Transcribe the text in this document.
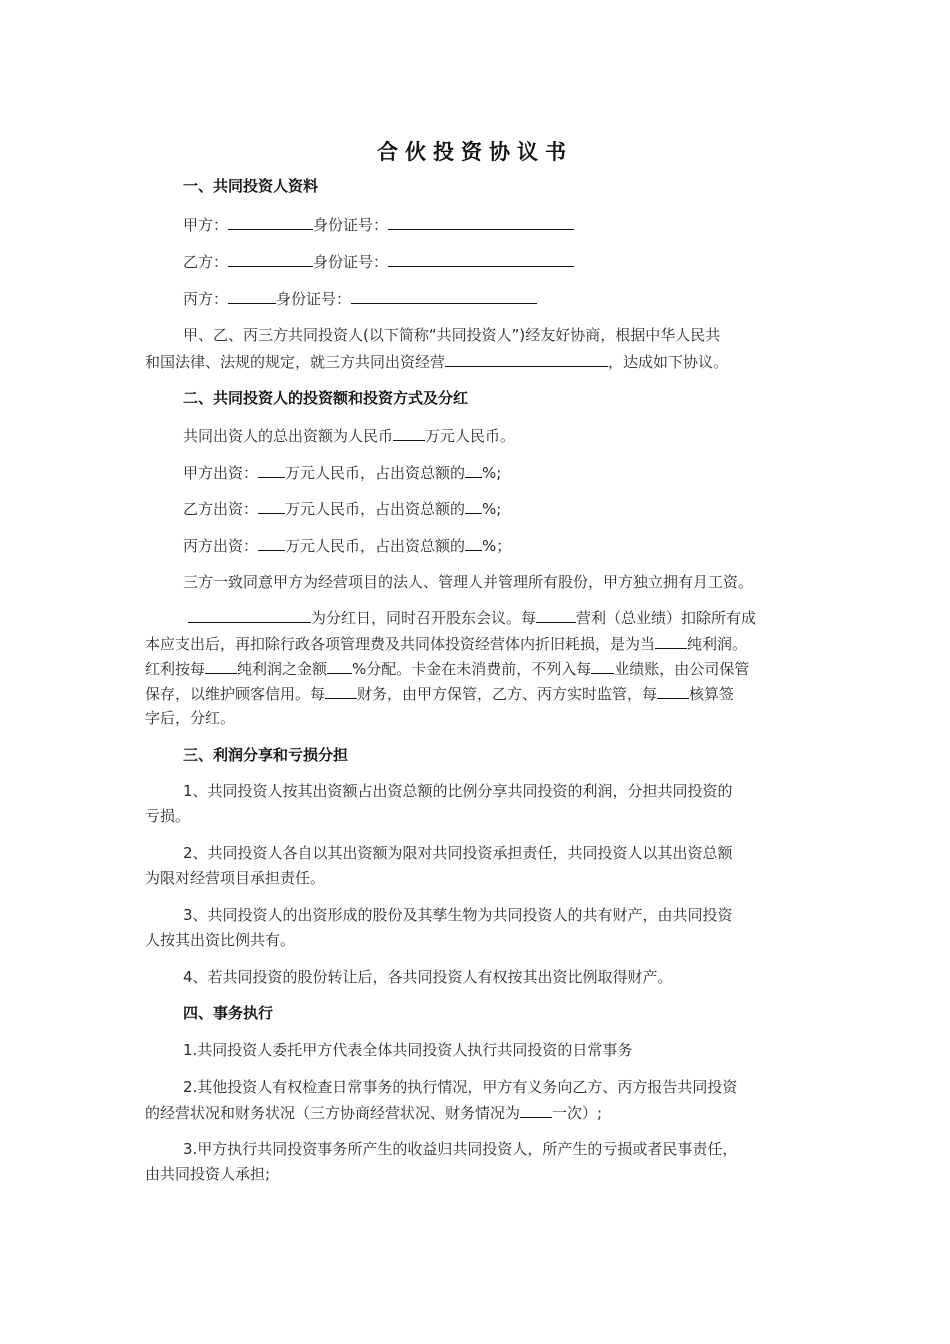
合伙投资协议书
一、共同投资人资料
甲方：	身份证号：
乙方：	身份证号：
丙方：	身份证号：
甲、乙、丙三方共同投资人(以下简称“共同投资人”)经友好协商，根据中华人民共
和国法律、法规的规定，就三方共同出资经营	，达成如下协议。
二、共同投资人的投资额和投资方式及分红
共同出资人的总出资额为人民币 万元人民币。
甲方出资： 万元人民币，占出资总额的 %;
乙方出资： 万元人民币，占出资总额的 %;
丙方出资： 万元人民币，占出资总额的 %；
三方一致同意甲方为经营项目的法人、管理人并管理所有股份，甲方独立拥有月工资。
为分红日，同时召开股东会议。每	营利（总业绩）扣除所有成
本应支出后，再扣除行政各项管理费及共同体投资经营体内折旧耗损，是为当 纯利润。
红利按每 纯利润之金额 %分配。卡金在未消费前，不列入每 业绩账，由公司保管
保存，以维护顾客信用。每 财务，由甲方保管，乙方、丙方实时监管，每 核算签
字后，分红。
三、利润分享和亏损分担
1、共同投资人按其出资额占出资总额的比例分享共同投资的利润，分担共同投资的
亏损。
2、共同投资人各自以其出资额为限对共同投资承担责任，共同投资人以其出资总额
为限对经营项目承担责任。
3、共同投资人的出资形成的股份及其孳生物为共同投资人的共有财产，由共同投资
人按其出资比例共有。
4、若共同投资的股份转让后，各共同投资人有权按其出资比例取得财产。
四、事务执行
1.共同投资人委托甲方代表全体共同投资人执行共同投资的日常事务
2.其他投资人有权检查日常事务的执行情况，甲方有义务向乙方、丙方报告共同投资
的经营状况和财务状况（三方协商经营状况、财务情况为 一次）;
3.甲方执行共同投资事务所产生的收益归共同投资人，所产生的亏损或者民事责任，
由共同投资人承担;
